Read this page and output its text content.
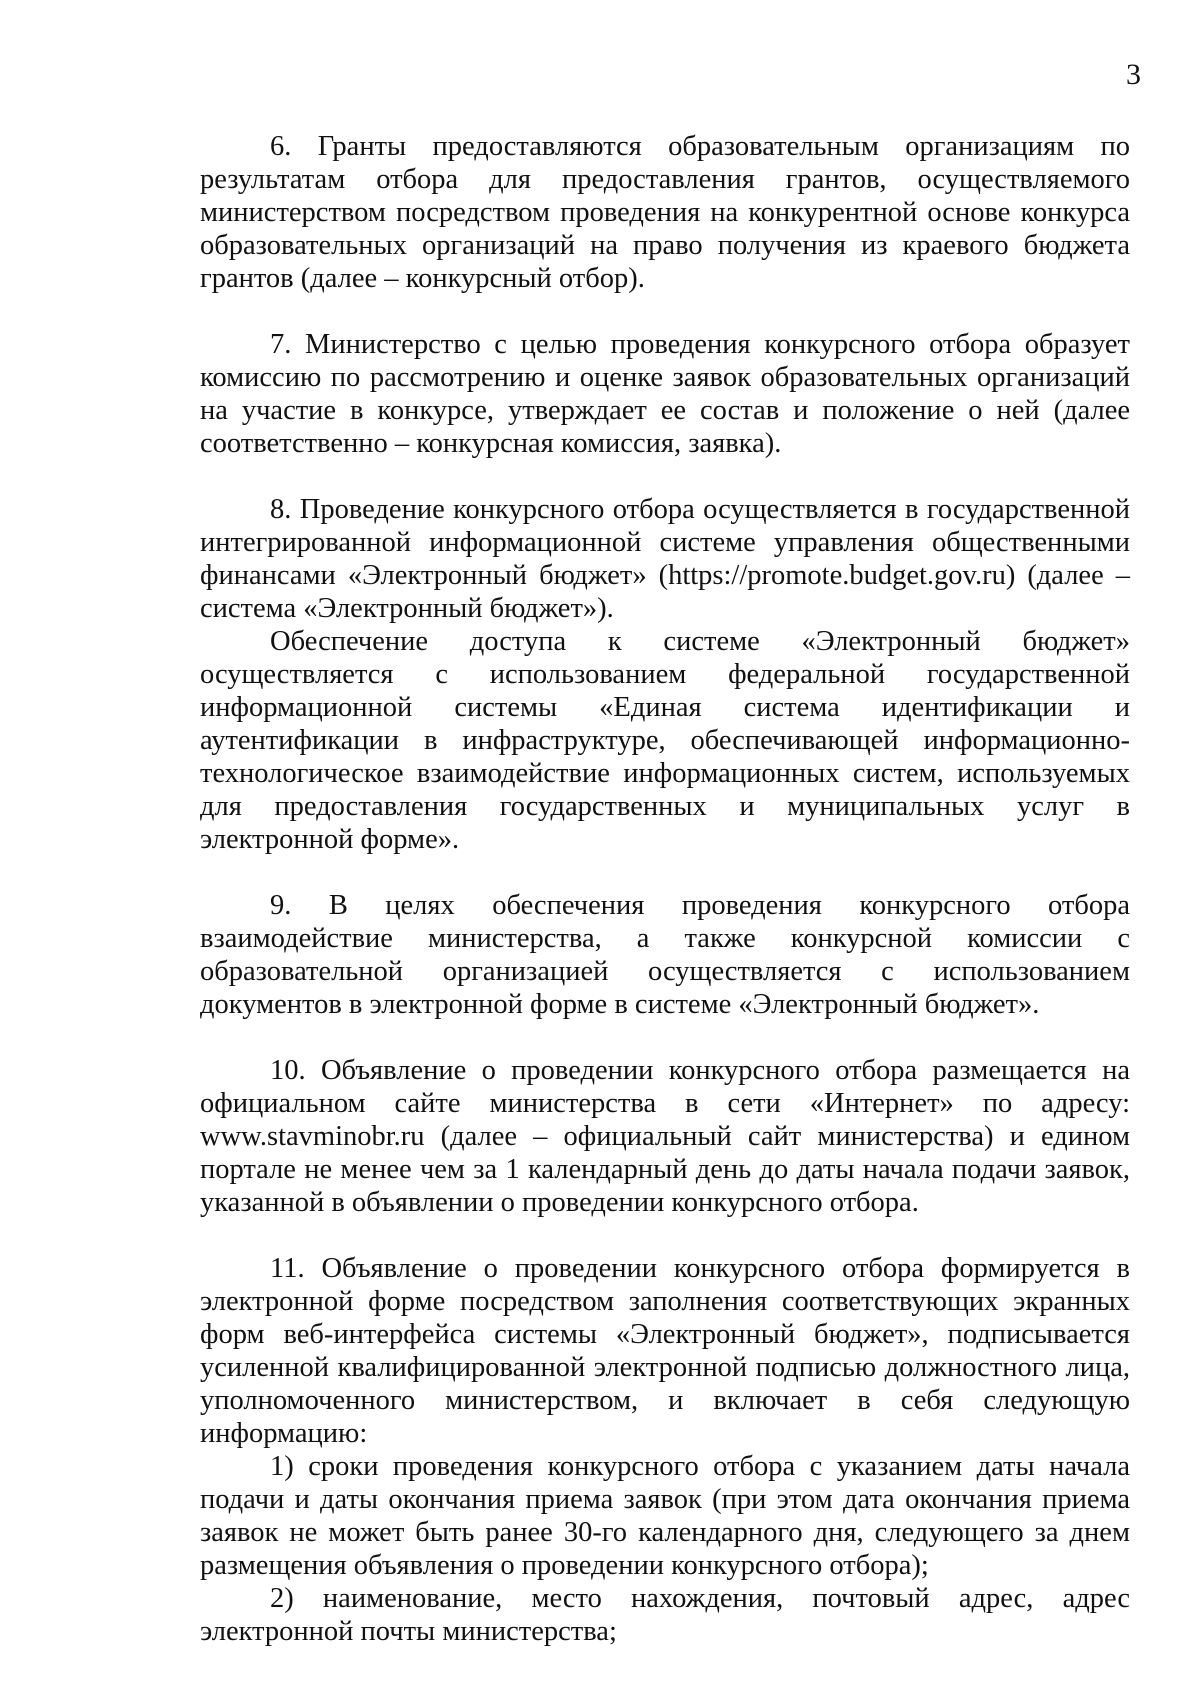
3

6. Гранты предоставляются образовательным организациям по результатам отбора для предоставления грантов, осуществляемого министерством посредством проведения на конкурентной основе конкурса образовательных организаций на право получения из краевого бюджета грантов (далее – конкурсный отбор).

7. Министерство с целью проведения конкурсного отбора образует комиссию по рассмотрению и оценке заявок образовательных организаций на участие в конкурсе, утверждает ее состав и положение о ней (далее соответственно – конкурсная комиссия, заявка).

8. Проведение конкурсного отбора осуществляется в государственной интегрированной информационной системе управления общественными финансами «Электронный бюджет» (https://promote.budget.gov.ru) (далее – система «Электронный бюджет»).

Обеспечение доступа к системе «Электронный бюджет» осуществляется с использованием федеральной государственной информационной системы «Единая система идентификации и аутентификации в инфраструктуре, обеспечивающей информационно-технологическое взаимодействие информационных систем, используемых для предоставления государственных и муниципальных услуг в электронной форме».

9. В целях обеспечения проведения конкурсного отбора взаимодействие министерства, а также конкурсной комиссии с образовательной организацией осуществляется с использованием документов в электронной форме в системе «Электронный бюджет».

10. Объявление о проведении конкурсного отбора размещается на официальном сайте министерства в сети «Интернет» по адресу: www.stavminobr.ru (далее – официальный сайт министерства) и едином портале не менее чем за 1 календарный день до даты начала подачи заявок, указанной в объявлении о проведении конкурсного отбора.

11. Объявление о проведении конкурсного отбора формируется в электронной форме посредством заполнения соответствующих экранных форм веб-интерфейса системы «Электронный бюджет», подписывается усиленной квалифицированной электронной подписью должностного лица, уполномоченного министерством, и включает в себя следующую информацию:

1) сроки проведения конкурсного отбора с указанием даты начала подачи и даты окончания приема заявок (при этом дата окончания приема заявок не может быть ранее 30-го календарного дня, следующего за днем размещения объявления о проведении конкурсного отбора);

2) наименование, место нахождения, почтовый адрес, адрес электронной почты министерства;
